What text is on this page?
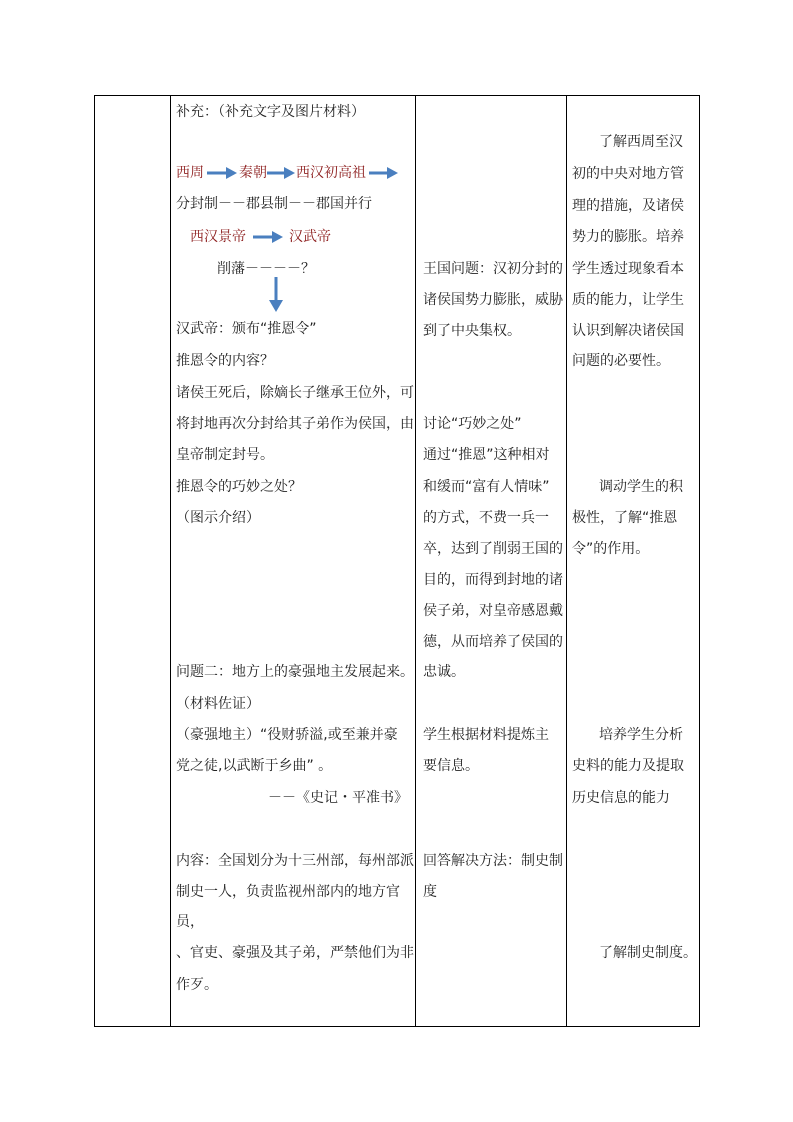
补充：（补充文字及图片材料）
西周	秦朝 西汉初高祖
分封制－－郡县制－－郡国并行
西汉景帝	汉武帝
削藩－－－－？
汉武帝：颁布“推恩令”
推恩令的内容？
诸侯王死后，除嫡长子继承王位外，可
将封地再次分封给其子弟作为侯国，由
皇帝制定封号。
推恩令的巧妙之处？
（图示介绍）
问题二：地方上的豪强地主发展起来。
（材料佐证）
（豪强地主）“役财骄溢,或至兼并豪
党之徒,以武断于乡曲” 。
－－《史记・平准书》
内容：全国划分为十三州部，每州部派
制史一人，负责监视州部内的地方官
员，
、官吏、豪强及其子弟，严禁他们为非
作歹。
王国问题：汉初分封的
诸侯国势力膨胀，威胁
到了中央集权。
讨论“巧妙之处”
通过“推恩”这种相对
和缓而“富有人情味”
的方式，不费一兵一
卒，达到了削弱王国的
目的，而得到封地的诸
侯子弟，对皇帝感恩戴
德，从而培养了侯国的
忠诚。
学生根据材料提炼主
要信息。
回答解决方法：制史制
度
了解西周至汉
初的中央对地方管
理的措施，及诸侯
势力的膨胀。培养
学生透过现象看本
质的能力，让学生
认识到解决诸侯国
问题的必要性。
调动学生的积
极性，了解“推恩
令”的作用。
培养学生分析
史料的能力及提取
历史信息的能力
了解制史制度。
